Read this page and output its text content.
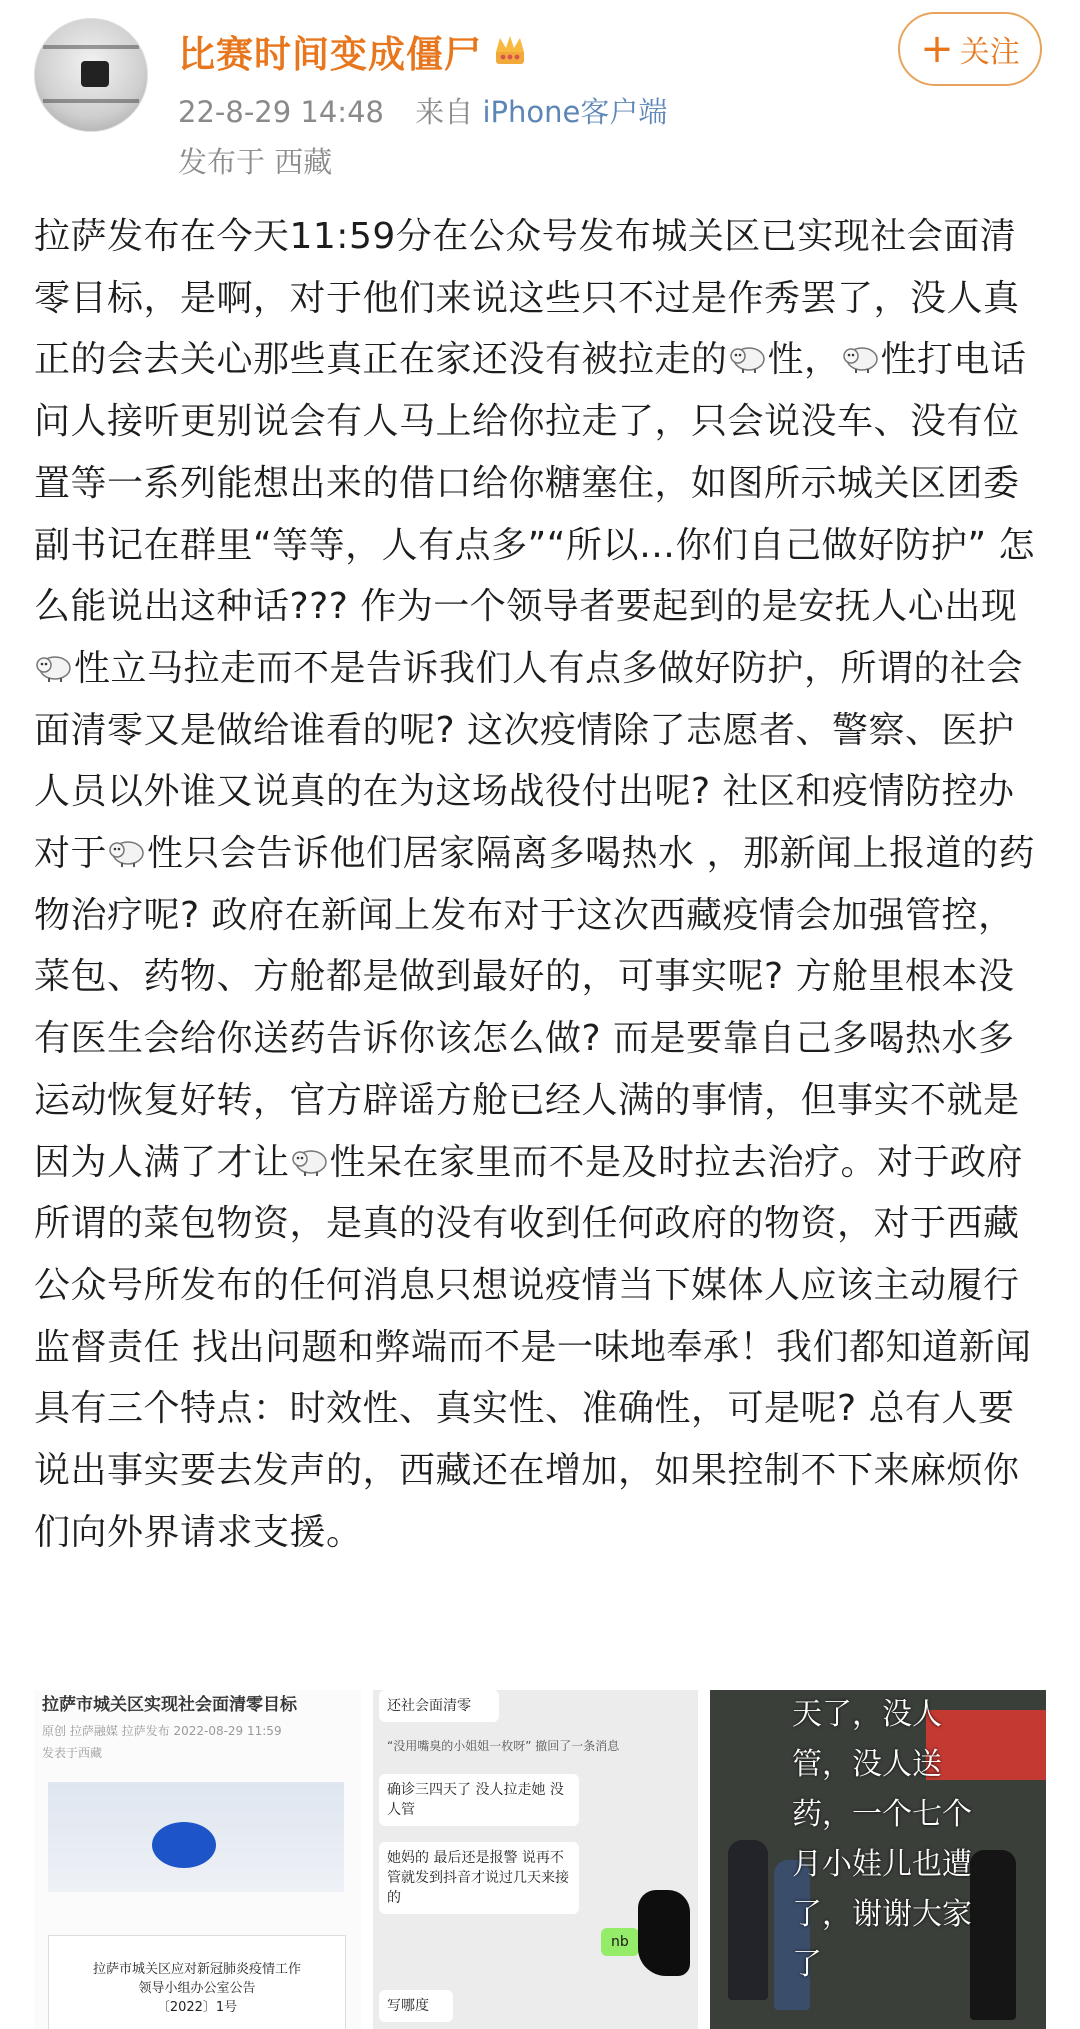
比赛时间变成僵尸
22-8-29 14:48 来自 iPhone客户端
发布于 西藏
+ 关注
拉萨发布在今天11:59分在公众号发布城关区已实现社会面清零目标，是啊，对于他们来说这些只不过是作秀罢了，没人真正的会去关心那些真正在家还没有被拉走的 性， 性打电话问人接听更别说会有人马上给你拉走了，只会说没车、没有位置等一系列能想出来的借口给你糖塞住，如图所示城关区团委副书记在群里“等等，人有点多”“所以…你们自己做好防护” 怎么能说出这种话??? 作为一个领导者要起到的是安抚人心出现性立马拉走而不是告诉我们人有点多做好防护，所谓的社会面清零又是做给谁看的呢? 这次疫情除了志愿者、警察、医护人员以外谁又说真的在为这场战役付出呢? 社区和疫情防控办对于 性只会告诉他们居家隔离多喝热水 ，那新闻上报道的药物治疗呢? 政府在新闻上发布对于这次西藏疫情会加强管控，菜包、药物、方舱都是做到最好的，可事实呢? 方舱里根本没有医生会给你送药告诉你该怎么做? 而是要靠自己多喝热水多运动恢复好转，官方辟谣方舱已经人满的事情，但事实不就是因为人满了才让 性呆在家里而不是及时拉去治疗。对于政府所谓的菜包物资，是真的没有收到任何政府的物资，对于西藏公众号所发布的任何消息只想说疫情当下媒体人应该主动履行监督责任 找出问题和弊端而不是一味地奉承！我们都知道新闻具有三个特点：时效性、真实性、准确性，可是呢? 总有人要说出事实要去发声的，西藏还在增加，如果控制不下来麻烦你们向外界请求支援。
拉萨市城关区实现社会面清零目标
原创 拉萨融媒 拉萨发布 2022-08-29 11:59
发表于西藏
拉萨市城关区应对新冠肺炎疫情工作
领导小组办公室公告
〔2022〕1号
还社会面清零
“没用嘴臭的小姐姐一枚呀” 撤回了一条消息
确诊三四天了 没人拉走她 没人管
她妈的 最后还是报警 说再不管就发到抖音才说过几天来接的
nb
写哪度
天了，没人管，没人送药，一个七个月小娃儿也遭了，谢谢大家了
